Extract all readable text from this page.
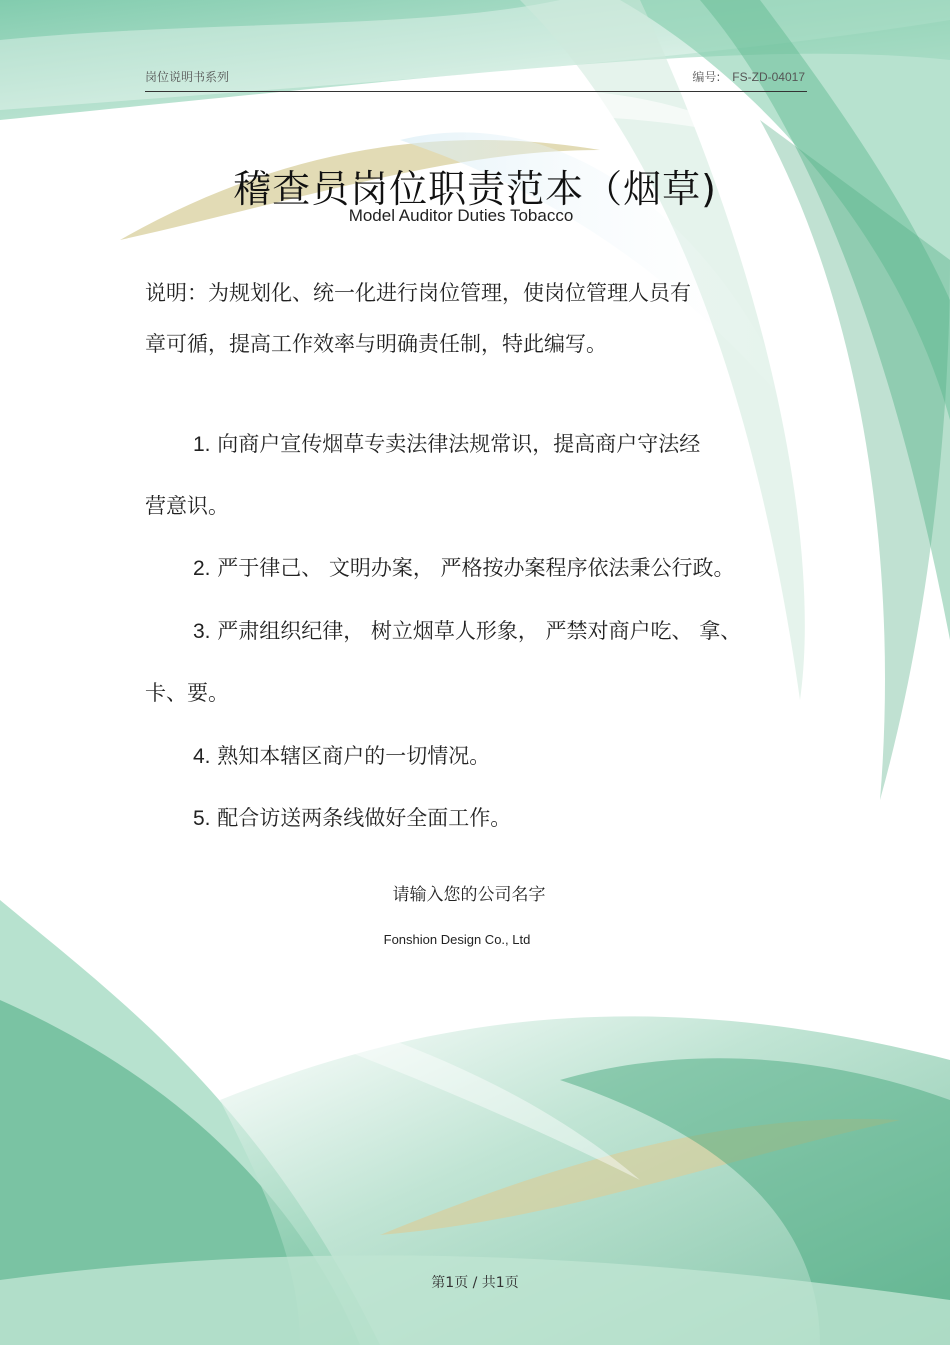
岗位说明书系列	编号: FS-ZD-04017
稽查员岗位职责范本（烟草)
Model Auditor Duties Tobacco
说明：为规划化、统一化进行岗位管理，使岗位管理人员有
章可循，提高工作效率与明确责任制，特此编写。
1. 向商户宣传烟草专卖法律法规常识，提高商户守法经
营意识。
2. 严于律己、 文明办案， 严格按办案程序依法秉公行政。
3. 严肃组织纪律， 树立烟草人形象， 严禁对商户吃、 拿、
卡、要。
4. 熟知本辖区商户的一切情况。
5. 配合访送两条线做好全面工作。
请输入您的公司名字
Fonshion Design Co., Ltd
第1页 / 共1页
